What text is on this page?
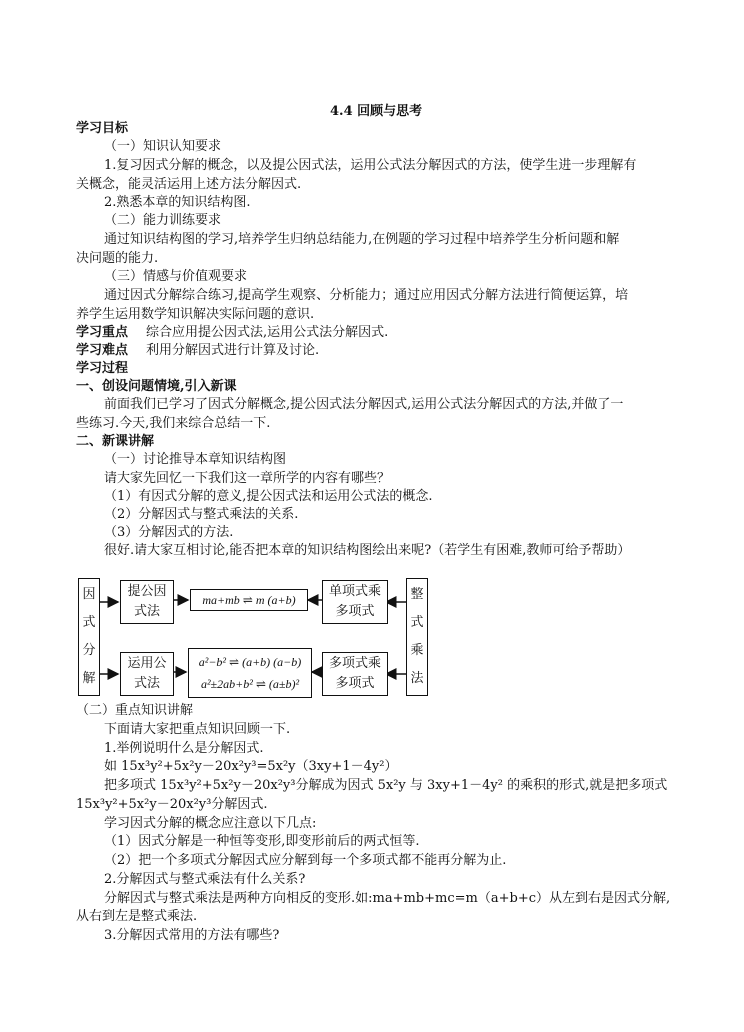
4.4 回顾与思考
学习目标
（一）知识认知要求
1.复习因式分解的概念，以及提公因式法，运用公式法分解因式的方法，使学生进一步理解有
关概念，能灵活运用上述方法分解因式.
2.熟悉本章的知识结构图.
（二）能力训练要求
通过知识结构图的学习,培养学生归纳总结能力,在例题的学习过程中培养学生分析问题和解
决问题的能力.
（三）情感与价值观要求
通过因式分解综合练习,提高学生观察、分析能力；通过应用因式分解方法进行简便运算，培
养学生运用数学知识解决实际问题的意识.
学习重点 综合应用提公因式法,运用公式法分解因式.
学习难点 利用分解因式进行计算及讨论.
学习过程
一、创设问题情境,引入新课
前面我们已学习了因式分解概念,提公因式法分解因式,运用公式法分解因式的方法,并做了一
些练习.今天,我们来综合总结一下.
二、新课讲解
（一）讨论推导本章知识结构图
请大家先回忆一下我们这一章所学的内容有哪些？
（1）有因式分解的意义,提公因式法和运用公式法的概念.
（2）分解因式与整式乘法的关系.
（3）分解因式的方法.
很好.请大家互相讨论,能否把本章的知识结构图绘出来呢?（若学生有困难,教师可给予帮助）
因
式
分
解
整
式
乘
法
提公因
式法
ma+mb ⇌ m (a+b)
单项式乘
多项式
运用公
式法
a²−b² ⇌ (a+b) (a−b)
a²±2ab+b² ⇌ (a±b)²
多项式乘
多项式
（二）重点知识讲解
下面请大家把重点知识回顾一下.
1.举例说明什么是分解因式.
如 15x³y²+5x²y－20x²y³=5x²y（3xy+1－4y²）
把多项式 15x³y²+5x²y－20x²y³分解成为因式 5x²y 与 3xy+1－4y² 的乘积的形式,就是把多项式
15x³y²+5x²y－20x²y³分解因式.
学习因式分解的概念应注意以下几点:
（1）因式分解是一种恒等变形,即变形前后的两式恒等.
（2）把一个多项式分解因式应分解到每一个多项式都不能再分解为止.
2.分解因式与整式乘法有什么关系?
分解因式与整式乘法是两种方向相反的变形.如:ma+mb+mc=m（a+b+c）从左到右是因式分解,
从右到左是整式乘法.
3.分解因式常用的方法有哪些?
